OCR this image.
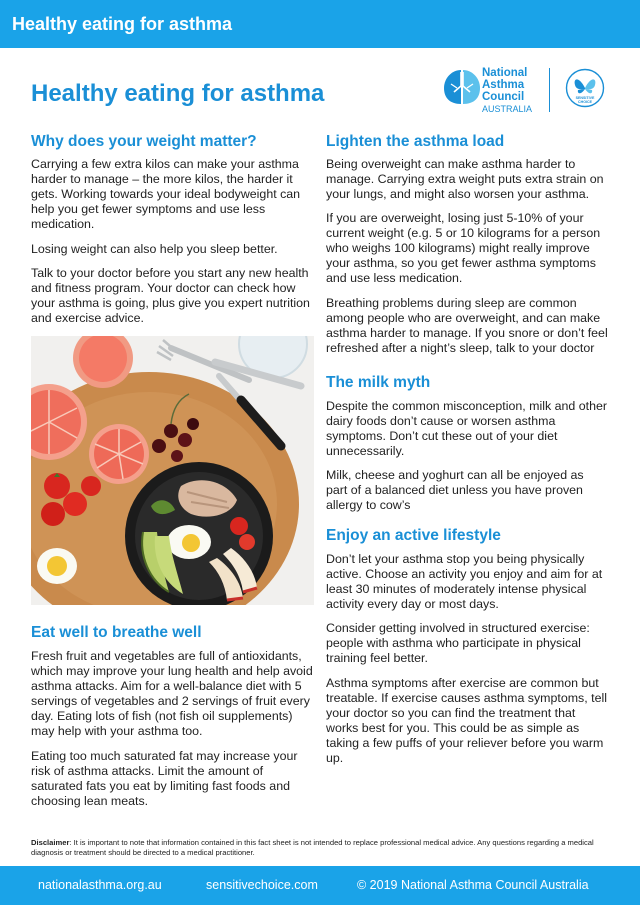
Healthy eating for asthma
Healthy eating for asthma
National
Asthma
Council
AUSTRALIA
SENSITIVE
CHOICE
Why does your weight matter?

Carrying a few extra kilos can make your asthma harder to manage – the more kilos, the harder it gets. Working towards your ideal bodyweight can help you get fewer symptoms and use less medication.

Losing weight can also help you sleep better.

Talk to your doctor before you start any new health and fitness program. Your doctor can check how your asthma is going, plus give you expert nutrition and exercise advice.

Eat well to breathe well

Fresh fruit and vegetables are full of antioxidants, which may improve your lung health and help avoid asthma attacks. Aim for a well-balance diet with 5 servings of vegetables and 2 servings of fruit every day. Eating lots of fish (not fish oil supplements) may help with your asthma too.

Eating too much saturated fat may increase your risk of asthma attacks. Limit the amount of saturated fats you eat by limiting fast foods and choosing lean meats.

Lighten the asthma load

Being overweight can make asthma harder to manage. Carrying extra weight puts extra strain on your lungs, and might also worsen your asthma.

If you are overweight, losing just 5-10% of your current weight (e.g. 5 or 10 kilograms for a person who weighs 100 kilograms) might really improve your asthma, so you get fewer asthma symptoms and use less medication.

Breathing problems during sleep are common among people who are overweight, and can make asthma harder to manage. If you snore or don’t feel refreshed after a night’s sleep, talk to your doctor

The milk myth

Despite the common misconception, milk and other dairy foods don’t cause or worsen asthma symptoms. Don’t cut these out of your diet unnecessarily.

Milk, cheese and yoghurt can all be enjoyed as part of a balanced diet unless you have proven allergy to cow’s

Enjoy an active lifestyle

Don’t let your asthma stop you being physically active. Choose an activity you enjoy and aim for at least 30 minutes of moderately intense physical activity every day or most days.

Consider getting involved in structured exercise: people with asthma who participate in physical training feel better.

Asthma symptoms after exercise are common but treatable. If exercise causes asthma symptoms, tell your doctor so you can find the treatment that works best for you. This could be as simple as taking a few puffs of your reliever before you warm up.

Disclaimer: It is important to note that information contained in this fact sheet is not intended to replace professional medical advice. Any questions regarding a medical diagnosis or treatment should be directed to a medical practitioner.
nationalasthma.org.au	sensitivechoice.com	© 2019 National Asthma Council Australia
